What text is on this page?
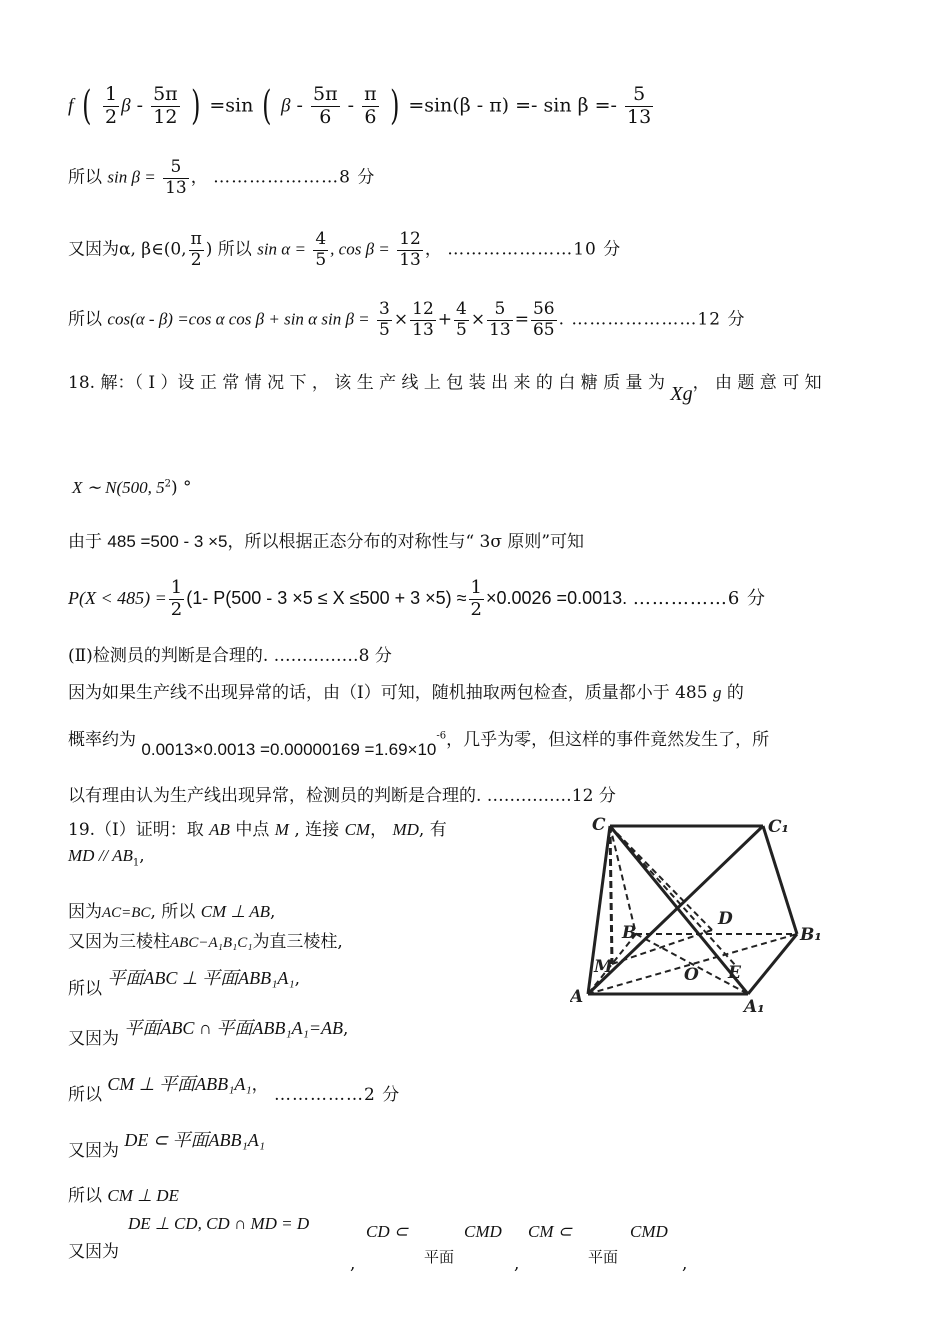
f ( $\frac{1}{2}$ β - $\frac{5\pi}{12}$ ) =sin ( β - $\frac{5\pi}{6} - \frac{\pi}{6}$ ) $=\sin(\beta - \pi) =- \sin \beta =- \frac{5}{13}$
所以 $\sin \beta = \frac{5}{13}$ ， …………………8 分
又因为α, β∈(0, $\frac{\pi}{2}$ ) 所以 $\sin \alpha = \frac{4}{5}$ , $\cos \beta = \frac{12}{13}$ ， …………………10 分
所以 cos(α - β) =cos α cos β + sin α $\sin \beta = \frac{3}{5} \times \frac{12}{13} + \frac{4}{5} \times \frac{5}{13} = \frac{56}{65}$ . …………………12 分
18. 解：（ Ⅰ ）设 正 常 情 况 下 ， 该 生 产 线 上 包 装 出 来 的 白 糖 质 量 为 Xg， 由 题 意 可 知
X ∼ N(500, $5^2$) °
由于 485 =500 - 3 ×5，所以根据正态分布的对称性与“ 3σ 原则”可知
$P(X < 485) = \frac{1}{2} (1-$ $P(500 - 3 \times 5 \le X \le 500 + 3 \times 5) \approx \frac{1}{2} \times 0.0026 =0.0013$. ……………6 分
(Ⅱ)检测员的判断是合理的. ……………8 分
因为如果生产线不出现异常的话，由（Ⅰ）可知，随机抽取两包检查，质量都小于 485 g 的
概率约为 $0.0013\times 0.0013 =0.00000169 =1.69\times 10^{-6}$，几乎为零，但这样的事件竟然发生了，所
以有理由认为生产线出现异常，检测员的判断是合理的. ……………12 分
19.（Ⅰ）证明：取 AB 中点 M , 连接 CM， MD, 有
MD // $AB_1$,
因为AC=BC, 所以 CM ⊥ AB,
又因为三棱柱ABC−A₁B₁C₁为直三棱柱,
所以 平面ABC ⊥ 平面ABB₁A₁,
又因为 平面ABC ∩ 平面ABB₁A₁=AB,
所以 CM ⊥ 平面ABB₁A₁， ……………2 分
又因为 DE ⊂ 平面ABB₁A₁
所以 CM ⊥ DE
DE ⊥ CD, CD ∩ MD = D
又因为
,
CD ⊂
平面
CMD
,
CM ⊂
平面
CMD
,
C	C₁
B
D
B₁
M	E
O
A	A₁
